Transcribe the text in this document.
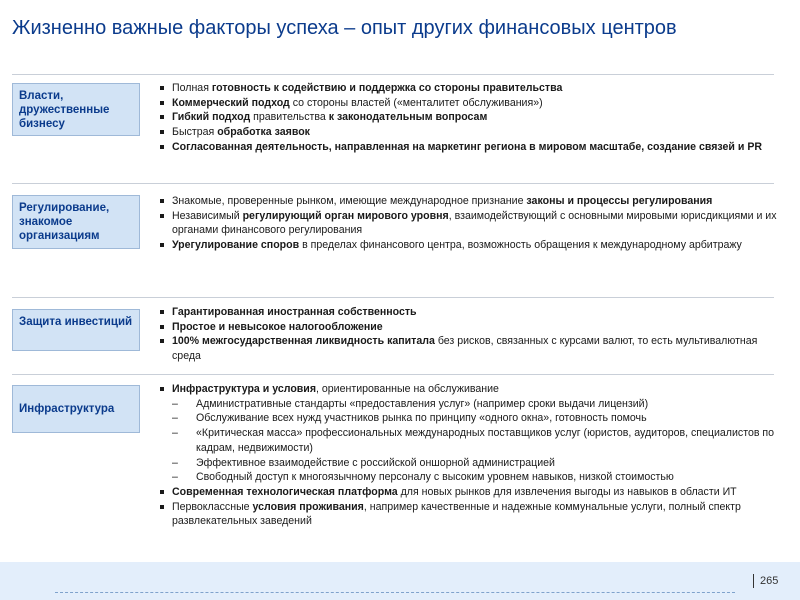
Жизненно важные факторы успеха – опыт других финансовых центров
Власти, дружественные бизнесу
Полная готовность к содействию и поддержка со стороны правительства
Коммерческий подход со стороны властей («менталитет обслуживания»)
Гибкий подход правительства к законодательным вопросам
Быстрая обработка заявок
Согласованная деятельность, направленная на маркетинг региона в мировом масштабе, создание связей и PR
Регулирование, знакомое организациям
Знакомые, проверенные рынком, имеющие международное признание законы и процессы регулирования
Независимый регулирующий орган мирового уровня, взаимодействующий с основными мировыми юрисдикциями и их органами финансового регулирования
Урегулирование споров в пределах финансового центра, возможность обращения к международному арбитражу
Защита инвестиций
Гарантированная иностранная собственность
Простое и невысокое налогообложение
100% межгосударственная ликвидность капитала без рисков, связанных с курсами валют, то есть мультивалютная среда
Инфраструктура
Инфраструктура и условия, ориентированные на обслуживание
– Административные стандарты «предоставления услуг» (например сроки выдачи лицензий)
– Обслуживание всех нужд участников рынка по принципу «одного окна», готовность помочь
– «Критическая масса» профессиональных международных поставщиков услуг (юристов, аудиторов, специалистов по кадрам, недвижимости)
– Эффективное взаимодействие с российской оншорной администрацией
– Свободный доступ к многоязычному персоналу с высоким уровнем навыков, низкой стоимостью
Современная технологическая платформа для новых рынков для извлечения выгоды из навыков в области ИТ
Первоклассные условия проживания, например качественные и надежные коммунальные услуги, полный спектр развлекательных заведений
265
